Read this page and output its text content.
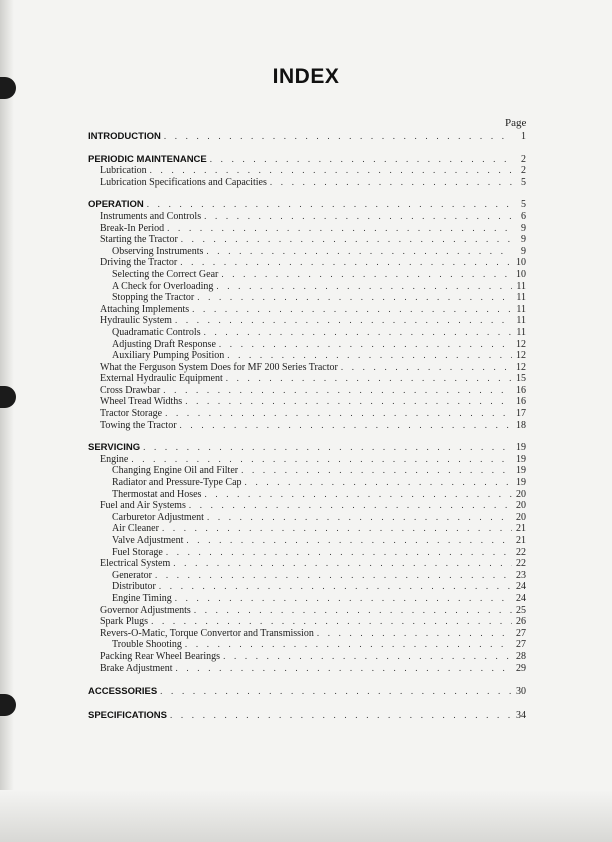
INDEX
Page
INTRODUCTION . . .	1
PERIODIC MAINTENANCE . . .	2
Lubrication . . .	2
Lubrication Specifications and Capacities . . .	5
OPERATION . . .	5
Instruments and Controls . . .	6
Break-In Period . . .	9
Starting the Tractor . . .	9
Observing Instruments . . .	9
Driving the Tractor . . .	10
Selecting the Correct Gear . . .	10
A Check for Overloading . . .	11
Stopping the Tractor . . .	11
Attaching Implements . . .	11
Hydraulic System . . .	11
Quadramatic Controls . . .	11
Adjusting Draft Response . . .	12
Auxiliary Pumping Position . . .	12
What the Ferguson System Does for MF 200 Series Tractor . . .	12
External Hydraulic Equipment . . .	15
Cross Drawbar . . .	16
Wheel Tread Widths . . .	16
Tractor Storage . . .	17
Towing the Tractor . . .	18
SERVICING . . .	19
Engine . . .	19
Changing Engine Oil and Filter . . .	19
Radiator and Pressure-Type Cap . . .	19
Thermostat and Hoses . . .	20
Fuel and Air Systems . . .	20
Carburetor Adjustment . . .	20
Air Cleaner . . .	21
Valve Adjustment . . .	21
Fuel Storage . . .	22
Electrical System . . .	22
Generator . . .	23
Distributor . . .	24
Engine Timing . . .	24
Governor Adjustments . . .	25
Spark Plugs . . .	26
Revers-O-Matic, Torque Convertor and Transmission . . .	27
Trouble Shooting . . .	27
Packing Rear Wheel Bearings . . .	28
Brake Adjustment . . .	29
ACCESSORIES . . .	30
SPECIFICATIONS . . .	34
